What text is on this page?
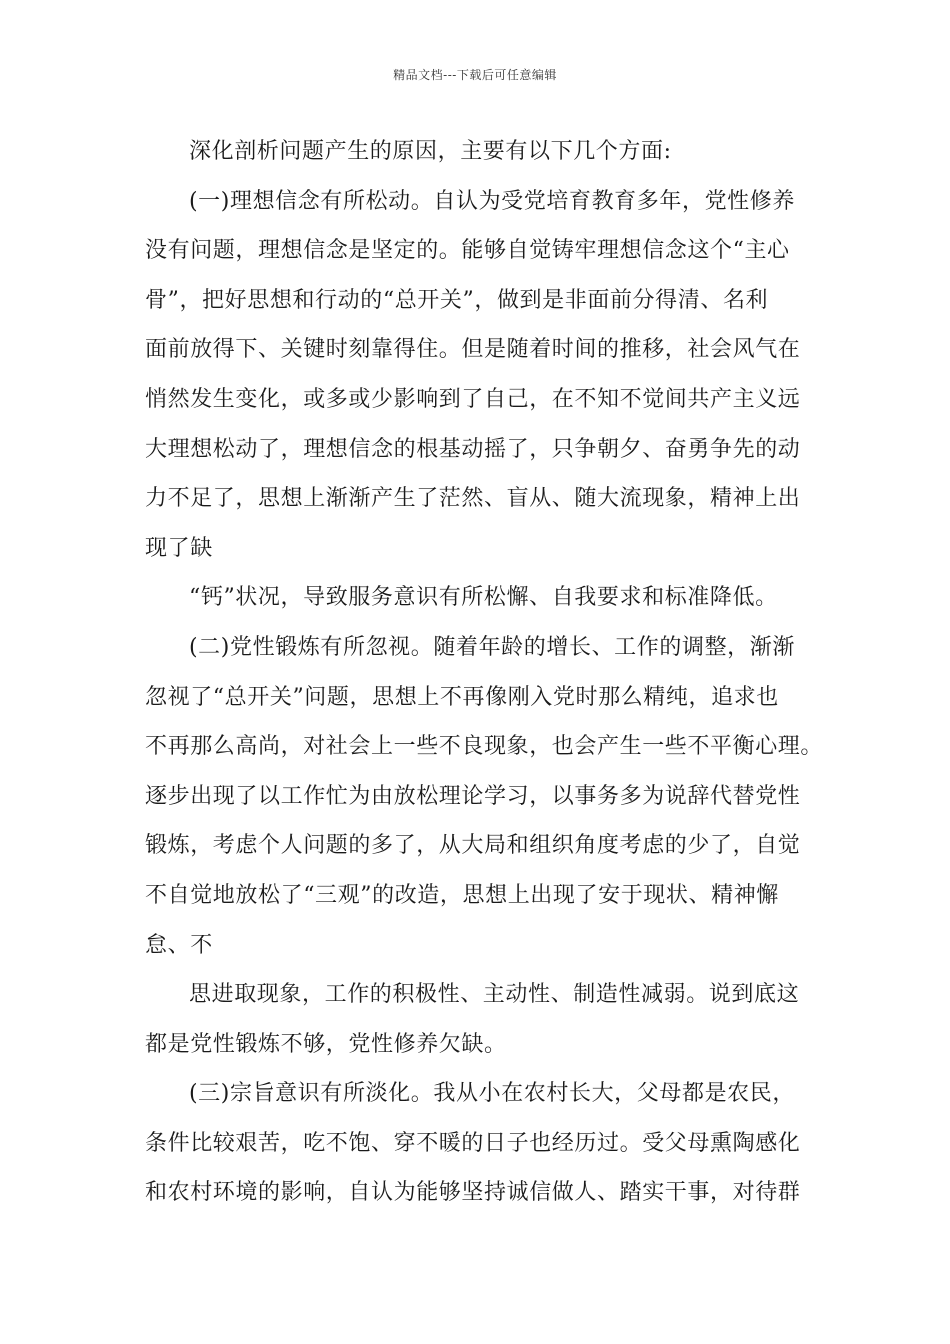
精品文档---下载后可任意编辑
深化剖析问题产生的原因，主要有以下几个方面:
(一)理想信念有所松动。自认为受党培育教育多年，党性修养
没有问题，理想信念是坚定的。能够自觉铸牢理想信念这个“主心
骨”，把好思想和行动的“总开关”，做到是非面前分得清、名利
面前放得下、关键时刻靠得住。但是随着时间的推移，社会风气在
悄然发生变化，或多或少影响到了自己，在不知不觉间共产主义远
大理想松动了，理想信念的根基动摇了，只争朝夕、奋勇争先的动
力不足了，思想上渐渐产生了茫然、盲从、随大流现象，精神上出
现了缺
“钙”状况，导致服务意识有所松懈、自我要求和标准降低。
(二)党性锻炼有所忽视。随着年龄的增长、工作的调整，渐渐
忽视了“总开关”问题，思想上不再像刚入党时那么精纯，追求也
不再那么高尚，对社会上一些不良现象，也会产生一些不平衡心理。
逐步出现了以工作忙为由放松理论学习，以事务多为说辞代替党性
锻炼，考虑个人问题的多了，从大局和组织角度考虑的少了，自觉
不自觉地放松了“三观”的改造，思想上出现了安于现状、精神懈
怠、不
思进取现象，工作的积极性、主动性、制造性减弱。说到底这
都是党性锻炼不够，党性修养欠缺。
(三)宗旨意识有所淡化。我从小在农村长大，父母都是农民，
条件比较艰苦，吃不饱、穿不暖的日子也经历过。受父母熏陶感化
和农村环境的影响，自认为能够坚持诚信做人、踏实干事，对待群
